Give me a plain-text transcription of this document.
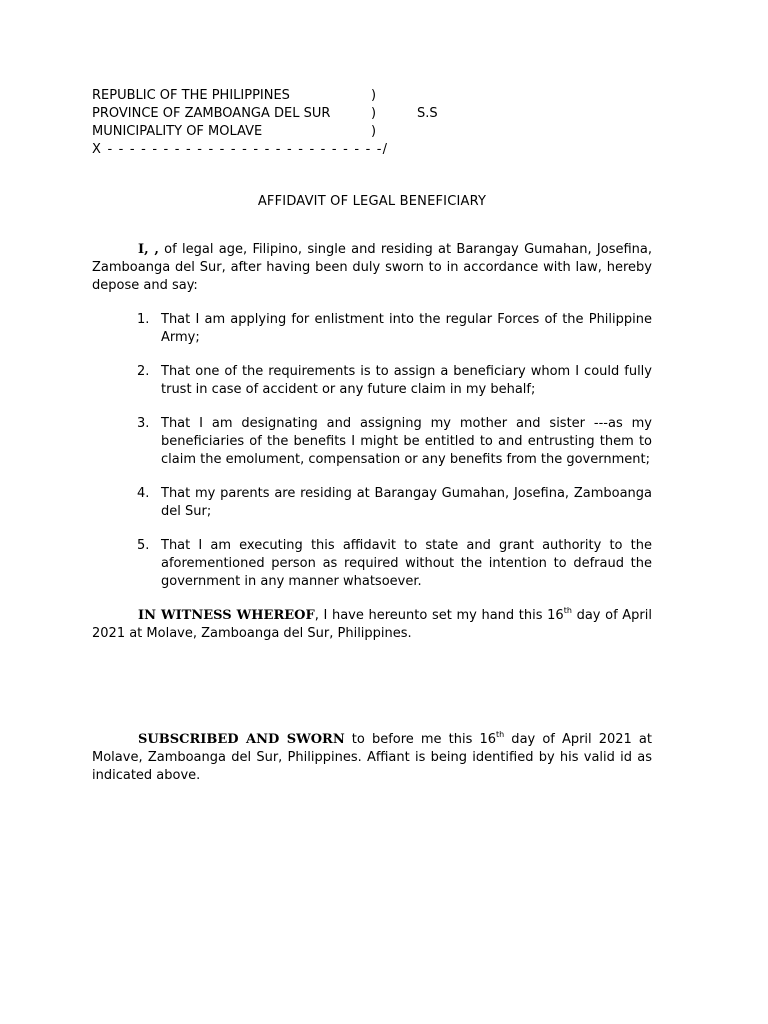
REPUBLIC OF THE PHILIPPINES	)
PROVINCE OF ZAMBOANGA DEL SUR	)	S.S
MUNICIPALITY OF MOLAVE	)
X - - - - - - - - - - - - - - - - - - - - - - - - -/
AFFIDAVIT OF LEGAL BENEFICIARY

I, , of legal age, Filipino, single and residing at Barangay Gumahan, Josefina, Zamboanga del Sur, after having been duly sworn to in accordance with law, hereby depose and say:

1. That I am applying for enlistment into the regular Forces of the Philippine Army;
2. That one of the requirements is to assign a beneficiary whom I could fully trust in case of accident or any future claim in my behalf;
3. That I am designating and assigning my mother and sister ---as my beneficiaries of the benefits I might be entitled to and entrusting them to claim the emolument, compensation or any benefits from the government;
4. That my parents are residing at Barangay Gumahan, Josefina, Zamboanga del Sur;
5. That I am executing this affidavit to state and grant authority to the aforementioned person as required without the intention to defraud the government in any manner whatsoever.

IN WITNESS WHEREOF, I have hereunto set my hand this 16th day of April 2021 at Molave, Zamboanga del Sur, Philippines.

SUBSCRIBED AND SWORN to before me this 16th day of April 2021 at Molave, Zamboanga del Sur, Philippines. Affiant is being identified by his valid id as indicated above.
